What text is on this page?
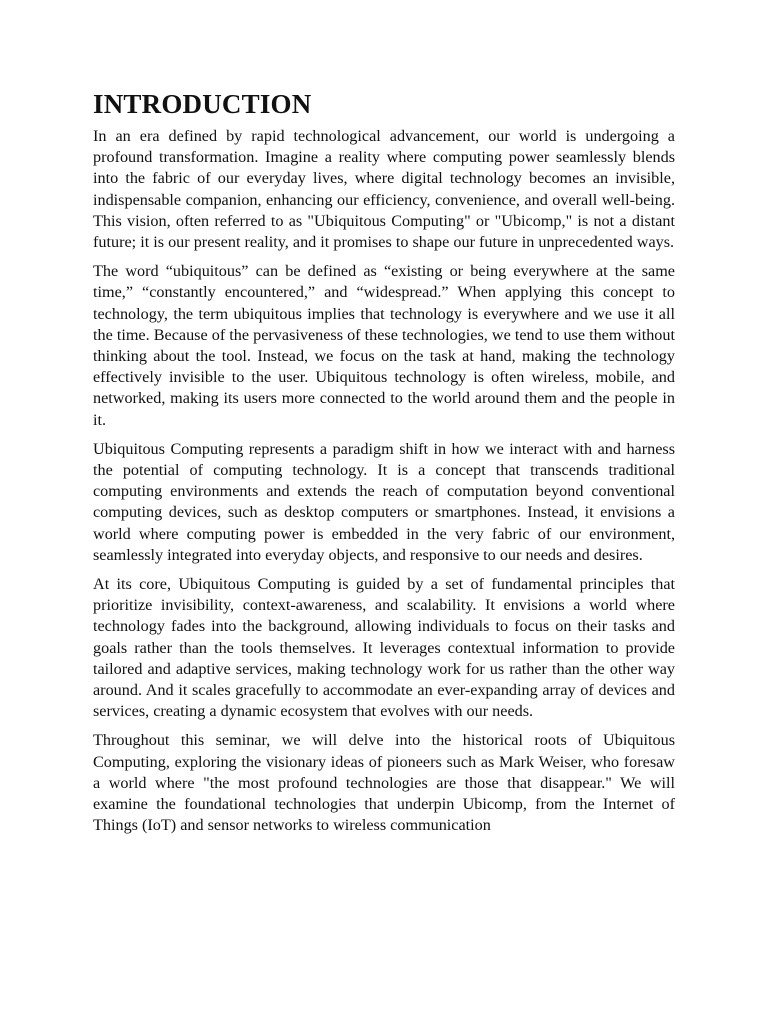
INTRODUCTION

In an era defined by rapid technological advancement, our world is undergoing a profound transformation. Imagine a reality where computing power seamlessly blends into the fabric of our everyday lives, where digital technology becomes an invisible, indispensable companion, enhancing our efficiency, convenience, and overall well-being. This vision, often referred to as "Ubiquitous Computing" or "Ubicomp," is not a distant future; it is our present reality, and it promises to shape our future in unprecedented ways.

The word “ubiquitous” can be defined as “existing or being everywhere at the same time,” “constantly encountered,” and “widespread.” When applying this concept to technology, the term ubiquitous implies that technology is everywhere and we use it all the time. Because of the pervasiveness of these technologies, we tend to use them without thinking about the tool. Instead, we focus on the task at hand, making the technology effectively invisible to the user. Ubiquitous technology is often wireless, mobile, and networked, making its users more connected to the world around them and the people in it.

Ubiquitous Computing represents a paradigm shift in how we interact with and harness the potential of computing technology. It is a concept that transcends traditional computing environments and extends the reach of computation beyond conventional computing devices, such as desktop computers or smartphones. Instead, it envisions a world where computing power is embedded in the very fabric of our environment, seamlessly integrated into everyday objects, and responsive to our needs and desires.

At its core, Ubiquitous Computing is guided by a set of fundamental principles that prioritize invisibility, context-awareness, and scalability. It envisions a world where technology fades into the background, allowing individuals to focus on their tasks and goals rather than the tools themselves. It leverages contextual information to provide tailored and adaptive services, making technology work for us rather than the other way around. And it scales gracefully to accommodate an ever-expanding array of devices and services, creating a dynamic ecosystem that evolves with our needs.

Throughout this seminar, we will delve into the historical roots of Ubiquitous Computing, exploring the visionary ideas of pioneers such as Mark Weiser, who foresaw a world where "the most profound technologies are those that disappear." We will examine the foundational technologies that underpin Ubicomp, from the Internet of Things (IoT) and sensor networks to wireless communication
